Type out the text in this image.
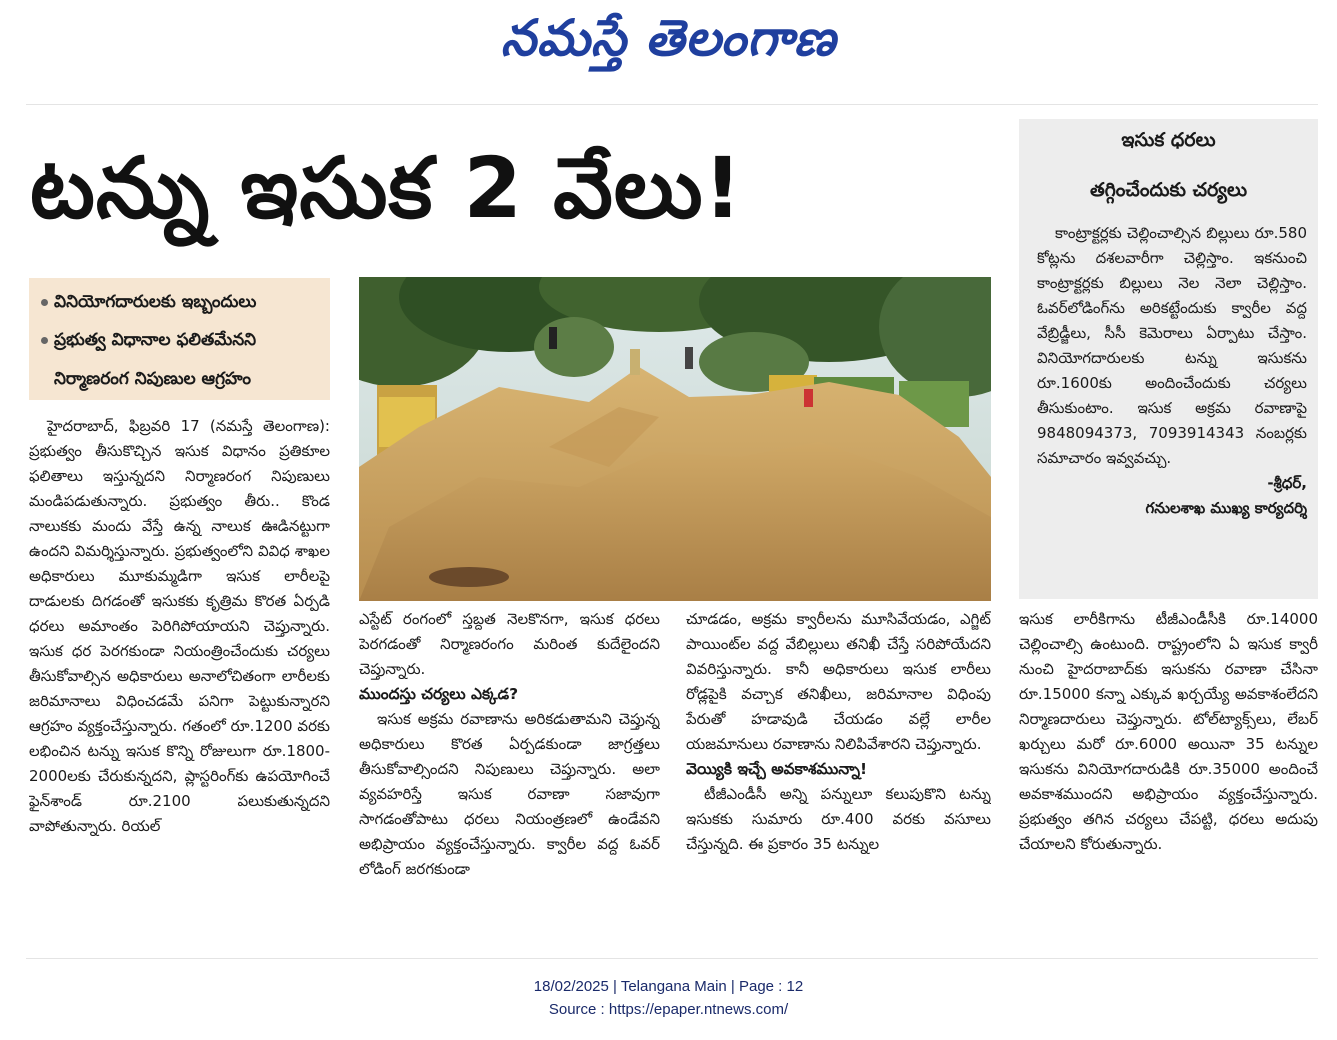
నమస్తే తెలంగాణ
టన్ను ఇసుక 2 వేలు!
వినియోగదారులకు ఇబ్బందులు
ప్రభుత్వ విధానాల ఫలితమేనని
నిర్మాణరంగ నిపుణుల ఆగ్రహం

హైదరాబాద్, ఫిబ్రవరి 17 (నమస్తే తెలంగాణ): ప్రభుత్వం తీసుకొచ్చిన ఇసుక విధానం ప్రతికూల ఫలితాలు ఇస్తున్నదని నిర్మాణరంగ నిపుణులు మండిపడుతున్నారు. ప్రభుత్వం తీరు.. కొండ నాలుకకు మందు వేస్తే ఉన్న నాలుక ఊడినట్టుగా ఉందని విమర్శిస్తున్నారు. ప్రభుత్వంలోని వివిధ శాఖల అధికారులు మూకుమ్మడిగా ఇసుక లారీలపై దాడులకు దిగడంతో ఇసుకకు కృత్రిమ కొరత ఏర్పడి ధరలు అమాంతం పెరిగిపోయాయని చెప్తున్నారు. ఇసుక ధర పెరగకుండా నియంత్రించేందుకు చర్యలు తీసుకోవాల్సిన అధికారులు అనాలోచితంగా లారీలకు జరిమానాలు విధించడమే పనిగా పెట్టుకున్నారని ఆగ్రహం వ్యక్తంచేస్తున్నారు. గతంలో రూ.1200 వరకు లభించిన టన్ను ఇసుక కొన్ని రోజులుగా రూ.1800-2000లకు చేరుకున్నదని, ప్లాస్టరింగ్‌కు ఉపయోగించే ఫైన్‌శాండ్ రూ.2100 పలుకుతున్నదని వాపోతున్నారు. రియల్

ఎస్టేట్ రంగంలో స్తబ్దత నెలకొనగా, ఇసుక ధరలు పెరగడంతో నిర్మాణరంగం మరింత కుదేలైందని చెప్తున్నారు.

ముందస్తు చర్యలు ఎక్కడ?

ఇసుక అక్రమ రవాణాను అరికడుతామని చెప్తున్న అధికారులు కొరత ఏర్పడకుండా జాగ్రత్తలు తీసుకోవాల్సిందని నిపుణులు చెప్తున్నారు. అలా వ్యవహరిస్తే ఇసుక రవాణా సజావుగా సాగడంతోపాటు ధరలు నియంత్రణలో ఉండేవని అభిప్రాయం వ్యక్తంచేస్తున్నారు. క్వారీల వద్ద ఓవర్ లోడింగ్ జరగకుండా

చూడడం, అక్రమ క్వారీలను మూసివేయడం, ఎగ్జిట్ పాయింట్‌ల వద్ద వేబిల్లులు తనిఖీ చేస్తే సరిపోయేదని వివరిస్తున్నారు. కానీ అధికారులు ఇసుక లారీలు రోడ్లపైకి వచ్చాక తనిఖీలు, జరిమానాల విధింపు పేరుతో హడావుడి చేయడం వల్లే లారీల యజమానులు రవాణాను నిలిపివేశారని చెప్తున్నారు.

వెయ్యికి ఇచ్చే అవకాశమున్నా!

టీజీఎండీసీ అన్ని పన్నులూ కలుపుకొని టన్ను ఇసుకకు సుమారు రూ.400 వరకు వసూలు చేస్తున్నది. ఈ ప్రకారం 35 టన్నుల

ఇసుక ధరలు
తగ్గించేందుకు చర్యలు

కాంట్రాక్టర్లకు చెల్లించాల్సిన బిల్లులు రూ.580 కోట్లను దశలవారీగా చెల్లిస్తాం. ఇకనుంచి కాంట్రాక్టర్లకు బిల్లులు నెల నెలా చెల్లిస్తాం. ఓవర్‌లోడింగ్‌ను అరికట్టేందుకు క్వారీల వద్ద వేబ్రిడ్జీలు, సీసీ కెమెరాలు ఏర్పాటు చేస్తాం. వినియోగదారులకు టన్ను ఇసుకను రూ.1600కు అందించేందుకు చర్యలు తీసుకుంటాం. ఇసుక అక్రమ రవాణాపై 9848094373, 7093914343 నంబర్లకు సమాచారం ఇవ్వవచ్చు.

-శ్రీధర్,
గనులశాఖ ముఖ్య కార్యదర్శి

ఇసుక లారీకిగాను టీజీఎండీసీకి రూ.14000 చెల్లించాల్సి ఉంటుంది. రాష్ట్రంలోని ఏ ఇసుక క్వారీ నుంచి హైదరాబాద్‌కు ఇసుకను రవాణా చేసినా రూ.15000 కన్నా ఎక్కువ ఖర్చయ్యే అవకాశంలేదని నిర్మాణదారులు చెప్తున్నారు. టోల్‌ట్యాక్స్‌లు, లేబర్ ఖర్చులు మరో రూ.6000 అయినా 35 టన్నుల ఇసుకను వినియోగదారుడికి రూ.35000 అందించే అవకాశముందని అభిప్రాయం వ్యక్తంచేస్తున్నారు. ప్రభుత్వం తగిన చర్యలు చేపట్టి, ధరలు అదుపు చేయాలని కోరుతున్నారు.

18/02/2025 | Telangana Main | Page : 12
Source : https://epaper.ntnews.com/
